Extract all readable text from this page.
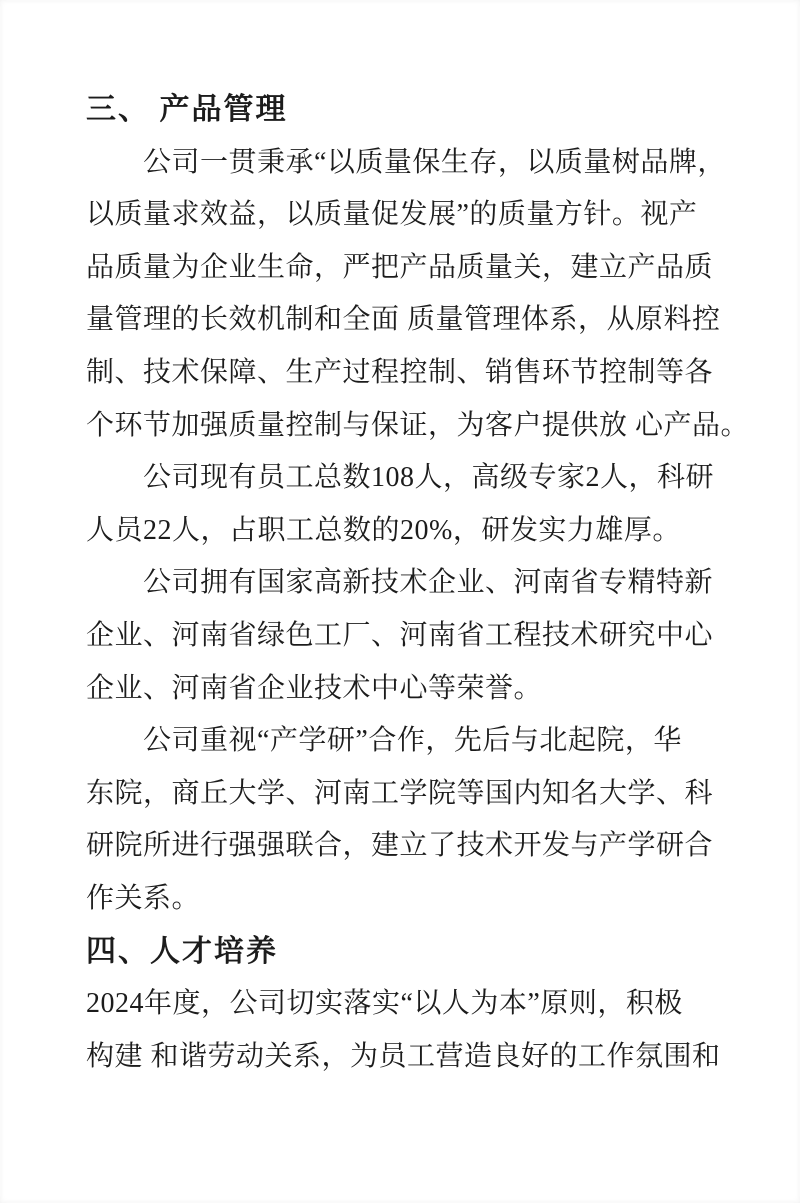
三、 产品管理
公司一贯秉承“以质量保生存，以质量树品牌，
以质量求效益，以质量促发展”的质量方针。视产
品质量为企业生命，严把产品质量关，建立产品质
量管理的长效机制和全面 质量管理体系，从原料控
制、技术保障、生产过程控制、销售环节控制等各
个环节加强质量控制与保证，为客户提供放 心产品。
公司现有员工总数108人，高级专家2人，科研
人员22人，占职工总数的20%，研发实力雄厚。
公司拥有国家高新技术企业、河南省专精特新
企业、河南省绿色工厂、河南省工程技术研究中心
企业、河南省企业技术中心等荣誉。
公司重视“产学研”合作，先后与北起院，华
东院，商丘大学、河南工学院等国内知名大学、科
研院所进行强强联合，建立了技术开发与产学研合
作关系。
四、人才培养
2024年度，公司切实落实“以人为本”原则，积极
构建 和谐劳动关系，为员工营造良好的工作氛围和
